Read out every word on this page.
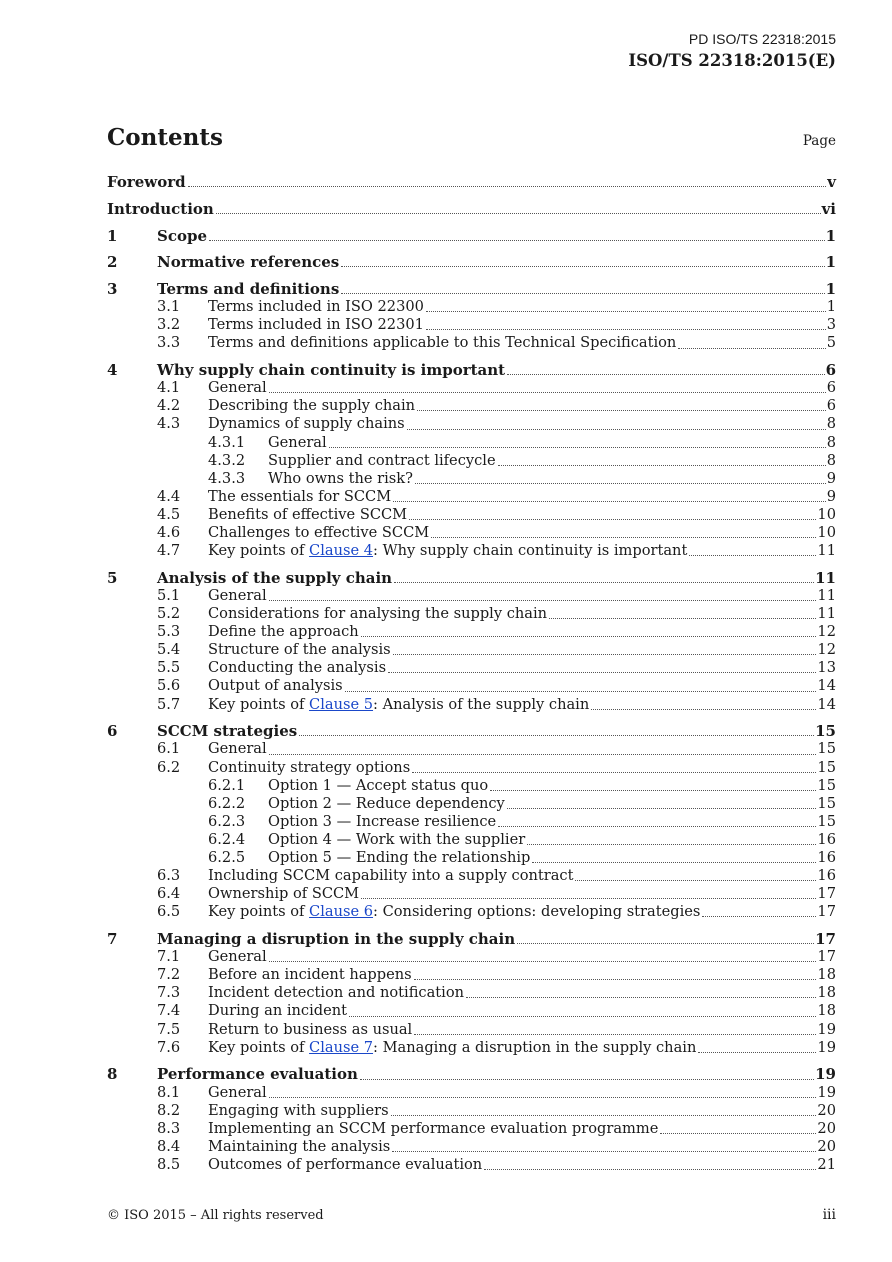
PD ISO/TS 22318:2015
ISO/TS 22318:2015(E)
Contents	Page
Foreword	v
Introduction	vi
1	Scope	1
2	Normative references	1
3	Terms and definitions	1
3.1	Terms included in ISO 22300	1
3.2	Terms included in ISO 22301	3
3.3	Terms and definitions applicable to this Technical Specification	5
4	Why supply chain continuity is important	6
4.1	General	6
4.2	Describing the supply chain	6
4.3	Dynamics of supply chains	8
4.3.1	General	8
4.3.2	Supplier and contract lifecycle	8
4.3.3	Who owns the risk?	9
4.4	The essentials for SCCM	9
4.5	Benefits of effective SCCM	10
4.6	Challenges to effective SCCM	10
4.7	Key points of Clause 4: Why supply chain continuity is important	11
5	Analysis of the supply chain	11
5.1	General	11
5.2	Considerations for analysing the supply chain	11
5.3	Define the approach	12
5.4	Structure of the analysis	12
5.5	Conducting the analysis	13
5.6	Output of analysis	14
5.7	Key points of Clause 5: Analysis of the supply chain	14
6	SCCM strategies	15
6.1	General	15
6.2	Continuity strategy options	15
6.2.1	Option 1 — Accept status quo	15
6.2.2	Option 2 — Reduce dependency	15
6.2.3	Option 3 — Increase resilience	15
6.2.4	Option 4 — Work with the supplier	16
6.2.5	Option 5 — Ending the relationship	16
6.3	Including SCCM capability into a supply contract	16
6.4	Ownership of SCCM	17
6.5	Key points of Clause 6: Considering options: developing strategies	17
7	Managing a disruption in the supply chain	17
7.1	General	17
7.2	Before an incident happens	18
7.3	Incident detection and notification	18
7.4	During an incident	18
7.5	Return to business as usual	19
7.6	Key points of Clause 7: Managing a disruption in the supply chain	19
8	Performance evaluation	19
8.1	General	19
8.2	Engaging with suppliers	20
8.3	Implementing an SCCM performance evaluation programme	20
8.4	Maintaining the analysis	20
8.5	Outcomes of performance evaluation	21
© ISO 2015 – All rights reserved	iii
